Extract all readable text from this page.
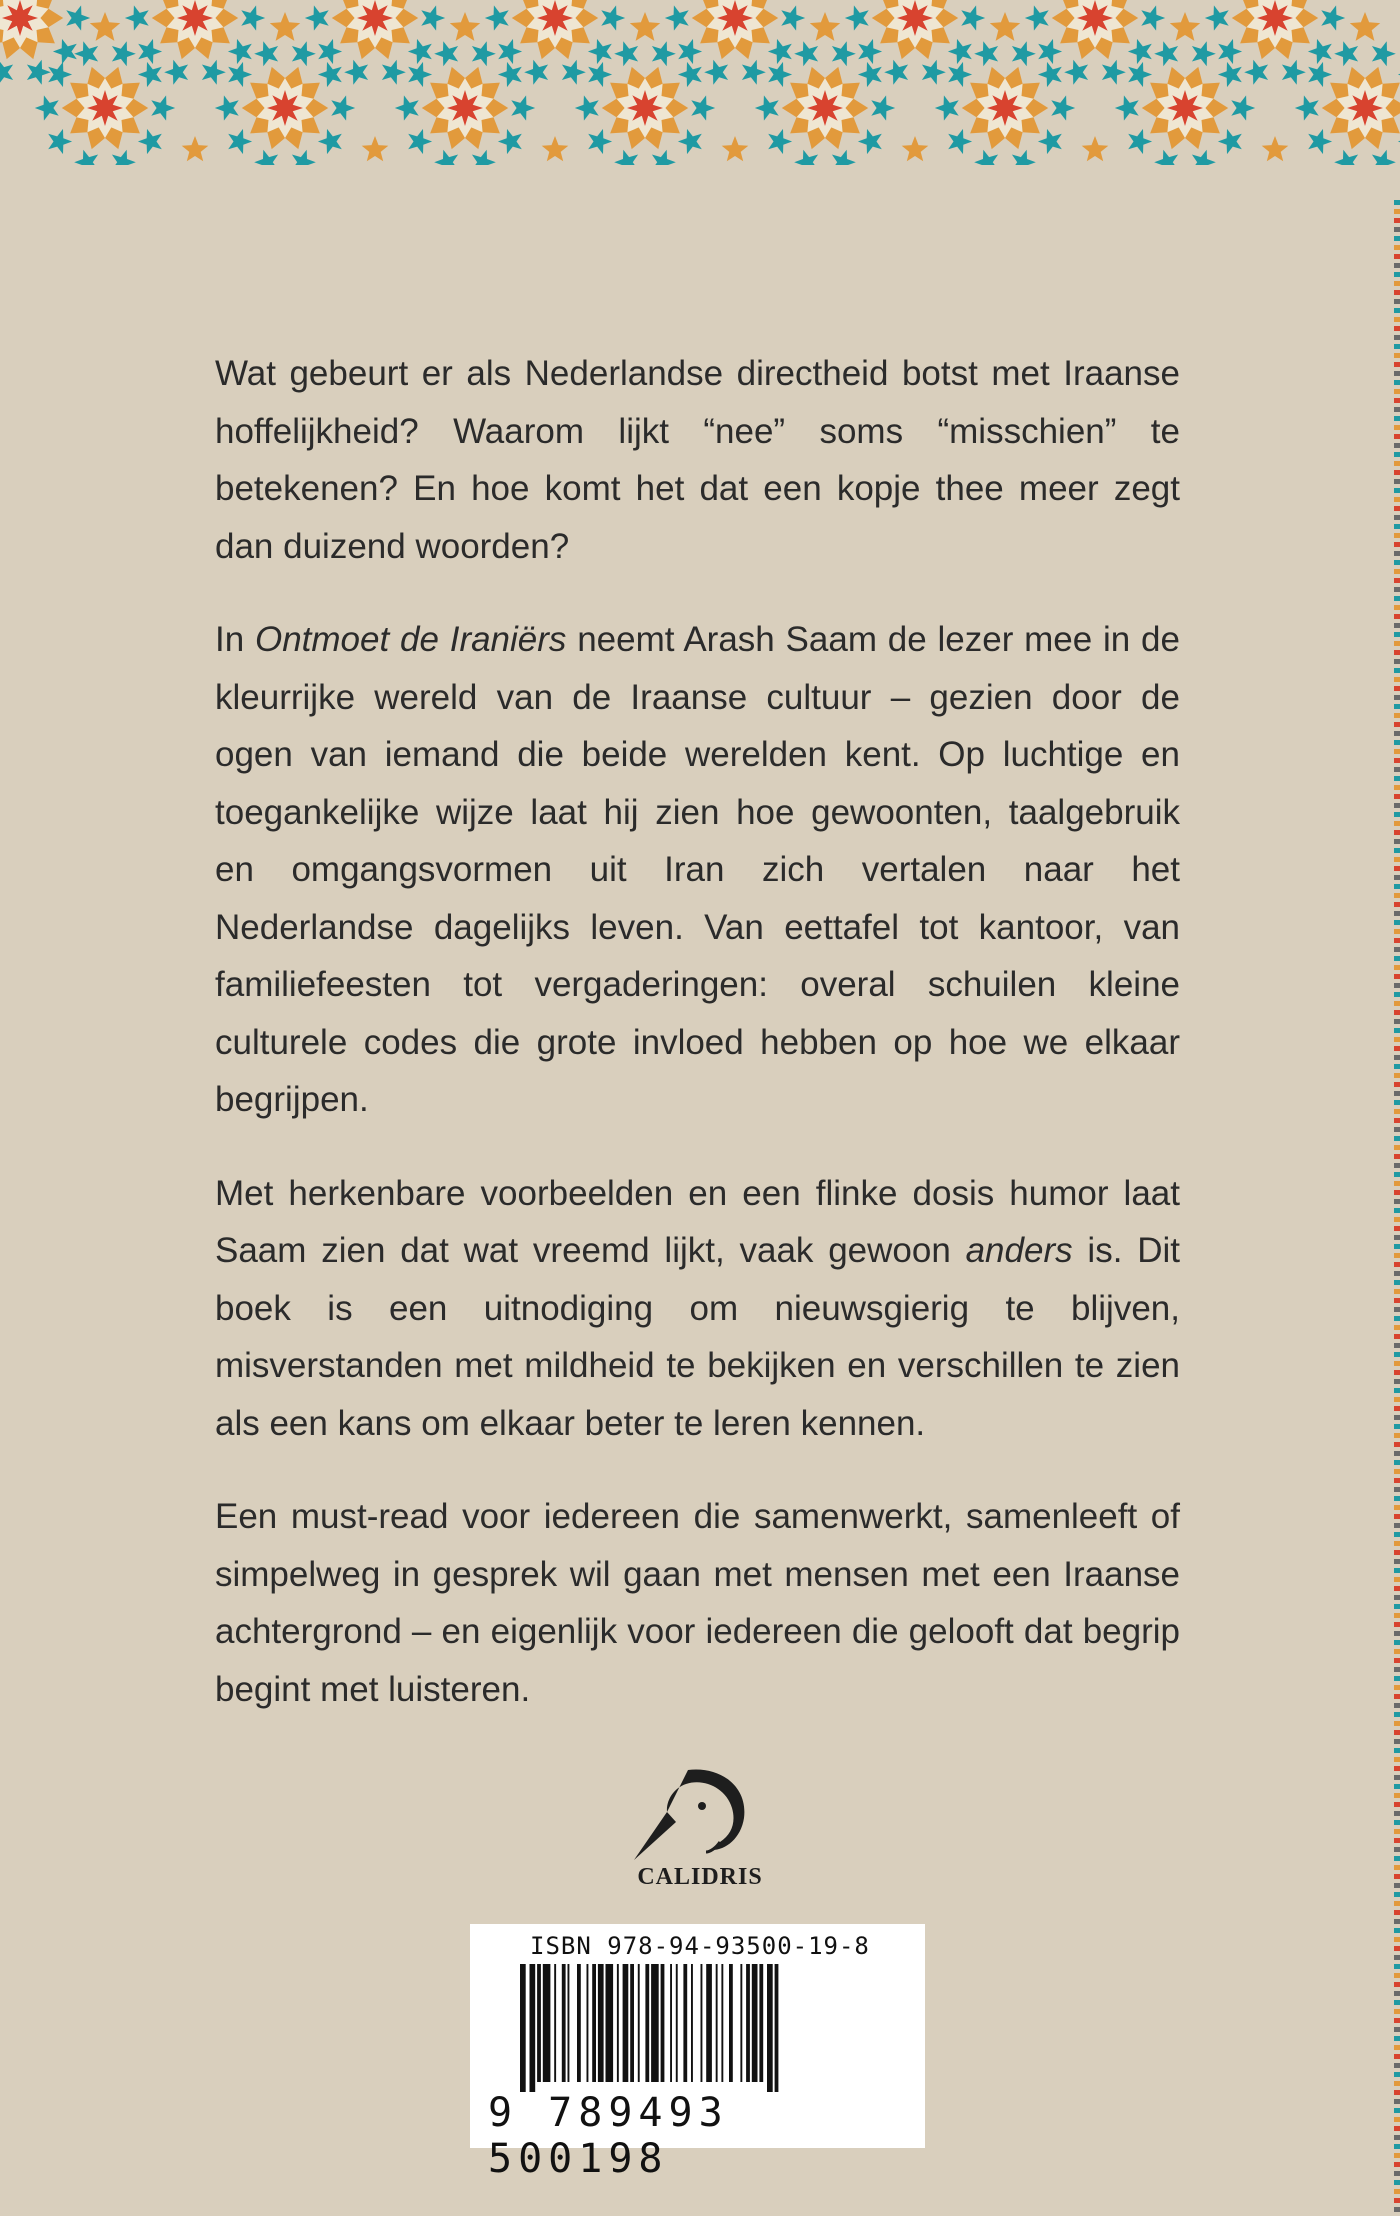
Wat gebeurt er als Nederlandse directheid botst met Iraanse hoffelijkheid? Waarom lijkt “nee” soms “misschien” te betekenen? En hoe komt het dat een kopje thee meer zegt dan duizend woorden?

In Ontmoet de Iraniërs neemt Arash Saam de lezer mee in de kleurrijke wereld van de Iraanse cultuur – gezien door de ogen van iemand die beide werelden kent. Op luchtige en toegankelijke wijze laat hij zien hoe gewoonten, taalgebruik en omgangsvormen uit Iran zich vertalen naar het Nederlandse dagelijks leven. Van eettafel tot kantoor, van familiefeesten tot vergaderingen: overal schuilen kleine culturele codes die grote invloed hebben op hoe we elkaar begrijpen.

Met herkenbare voorbeelden en een flinke dosis humor laat Saam zien dat wat vreemd lijkt, vaak gewoon anders is. Dit boek is een uitnodiging om nieuwsgierig te blijven, misverstanden met mildheid te bekijken en verschillen te zien als een kans om elkaar beter te leren kennen.

Een must-read voor iedereen die samenwerkt, samenleeft of simpelweg in gesprek wil gaan met mensen met een Iraanse achtergrond – en eigenlijk voor iedereen die gelooft dat begrip begint met luisteren.

CALIDRIS
ISBN 978-94-93500-19-8
9 789493 500198
